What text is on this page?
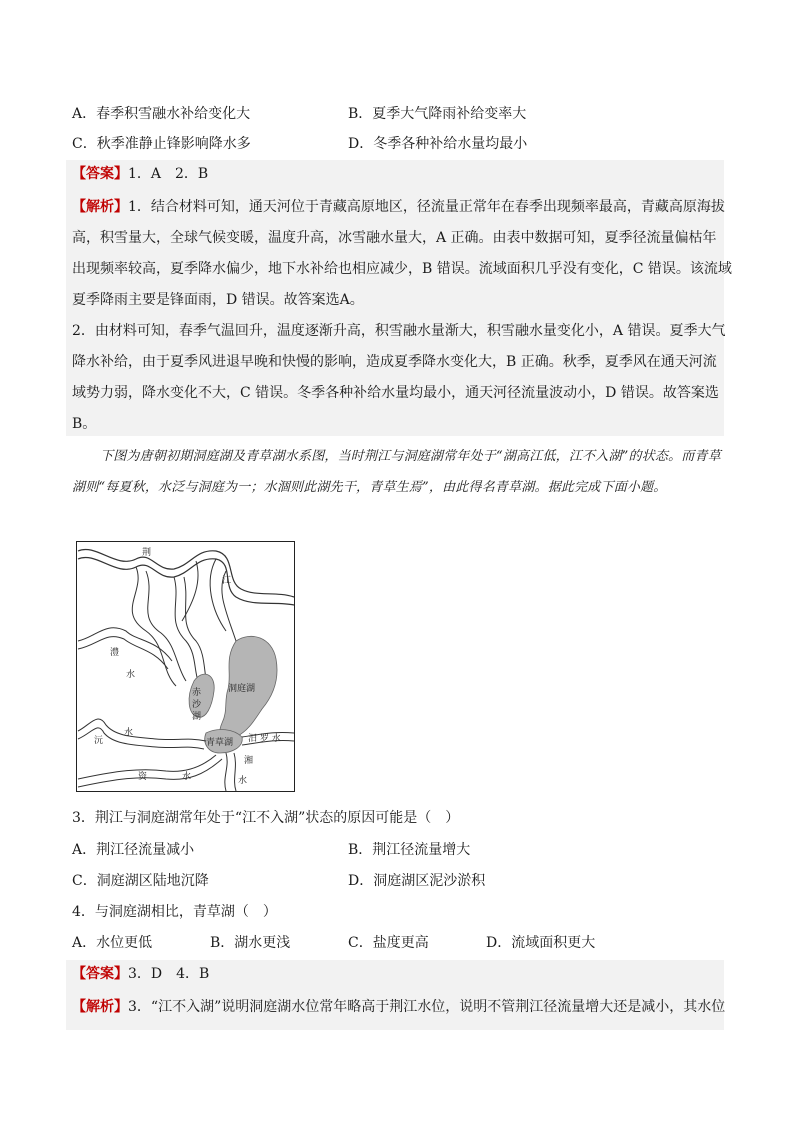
A．春季积雪融水补给变化大	B．夏季大气降雨补给变率大
C．秋季准静止锋影响降水多	D．冬季各种补给水量均最小
【答案】1．A　2．B
【解析】1．结合材料可知，通天河位于青藏高原地区，径流量正常年在春季出现频率最高，青藏高原海拔
高，积雪量大，全球气候变暖，温度升高，冰雪融水量大，A 正确。由表中数据可知，夏季径流量偏枯年
出现频率较高，夏季降水偏少，地下水补给也相应减少，B 错误。流域面积几乎没有变化，C 错误。该流域
夏季降雨主要是锋面雨，D 错误。故答案选A。
2．由材料可知，春季气温回升，温度逐渐升高，积雪融水量渐大，积雪融水量变化小，A 错误。夏季大气
降水补给，由于夏季风进退早晚和快慢的影响，造成夏季降水变化大，B 正确。秋季，夏季风在通天河流
域势力弱，降水变化不大，C 错误。冬季各种补给水量均最小，通天河径流量波动小，D 错误。故答案选
B。
下图为唐朝初期洞庭湖及青草湖水系图，当时荆江与洞庭湖常年处于“湖高江低，江不入湖”的状态。而青草湖则“每夏秋，水泛与洞庭为一；水涸则此湖先干，青草生焉”，由此得名青草湖。据此完成下面小题。
荆
江
澧
水
赤
沙
湖
洞庭湖
青草湖 汨 罗 水
沅
水
湘
水
资	水
3．荆江与洞庭湖常年处于“江不入湖”状态的原因可能是（　）
A．荆江径流量减小	B．荆江径流量增大
C．洞庭湖区陆地沉降	D．洞庭湖区泥沙淤积
4．与洞庭湖相比，青草湖（　）
A．水位更低	B．湖水更浅	C．盐度更高	D．流域面积更大
【答案】3．D　4．B
【解析】3．“江不入湖”说明洞庭湖水位常年略高于荆江水位，说明不管荆江径流量增大还是减小，其水位
